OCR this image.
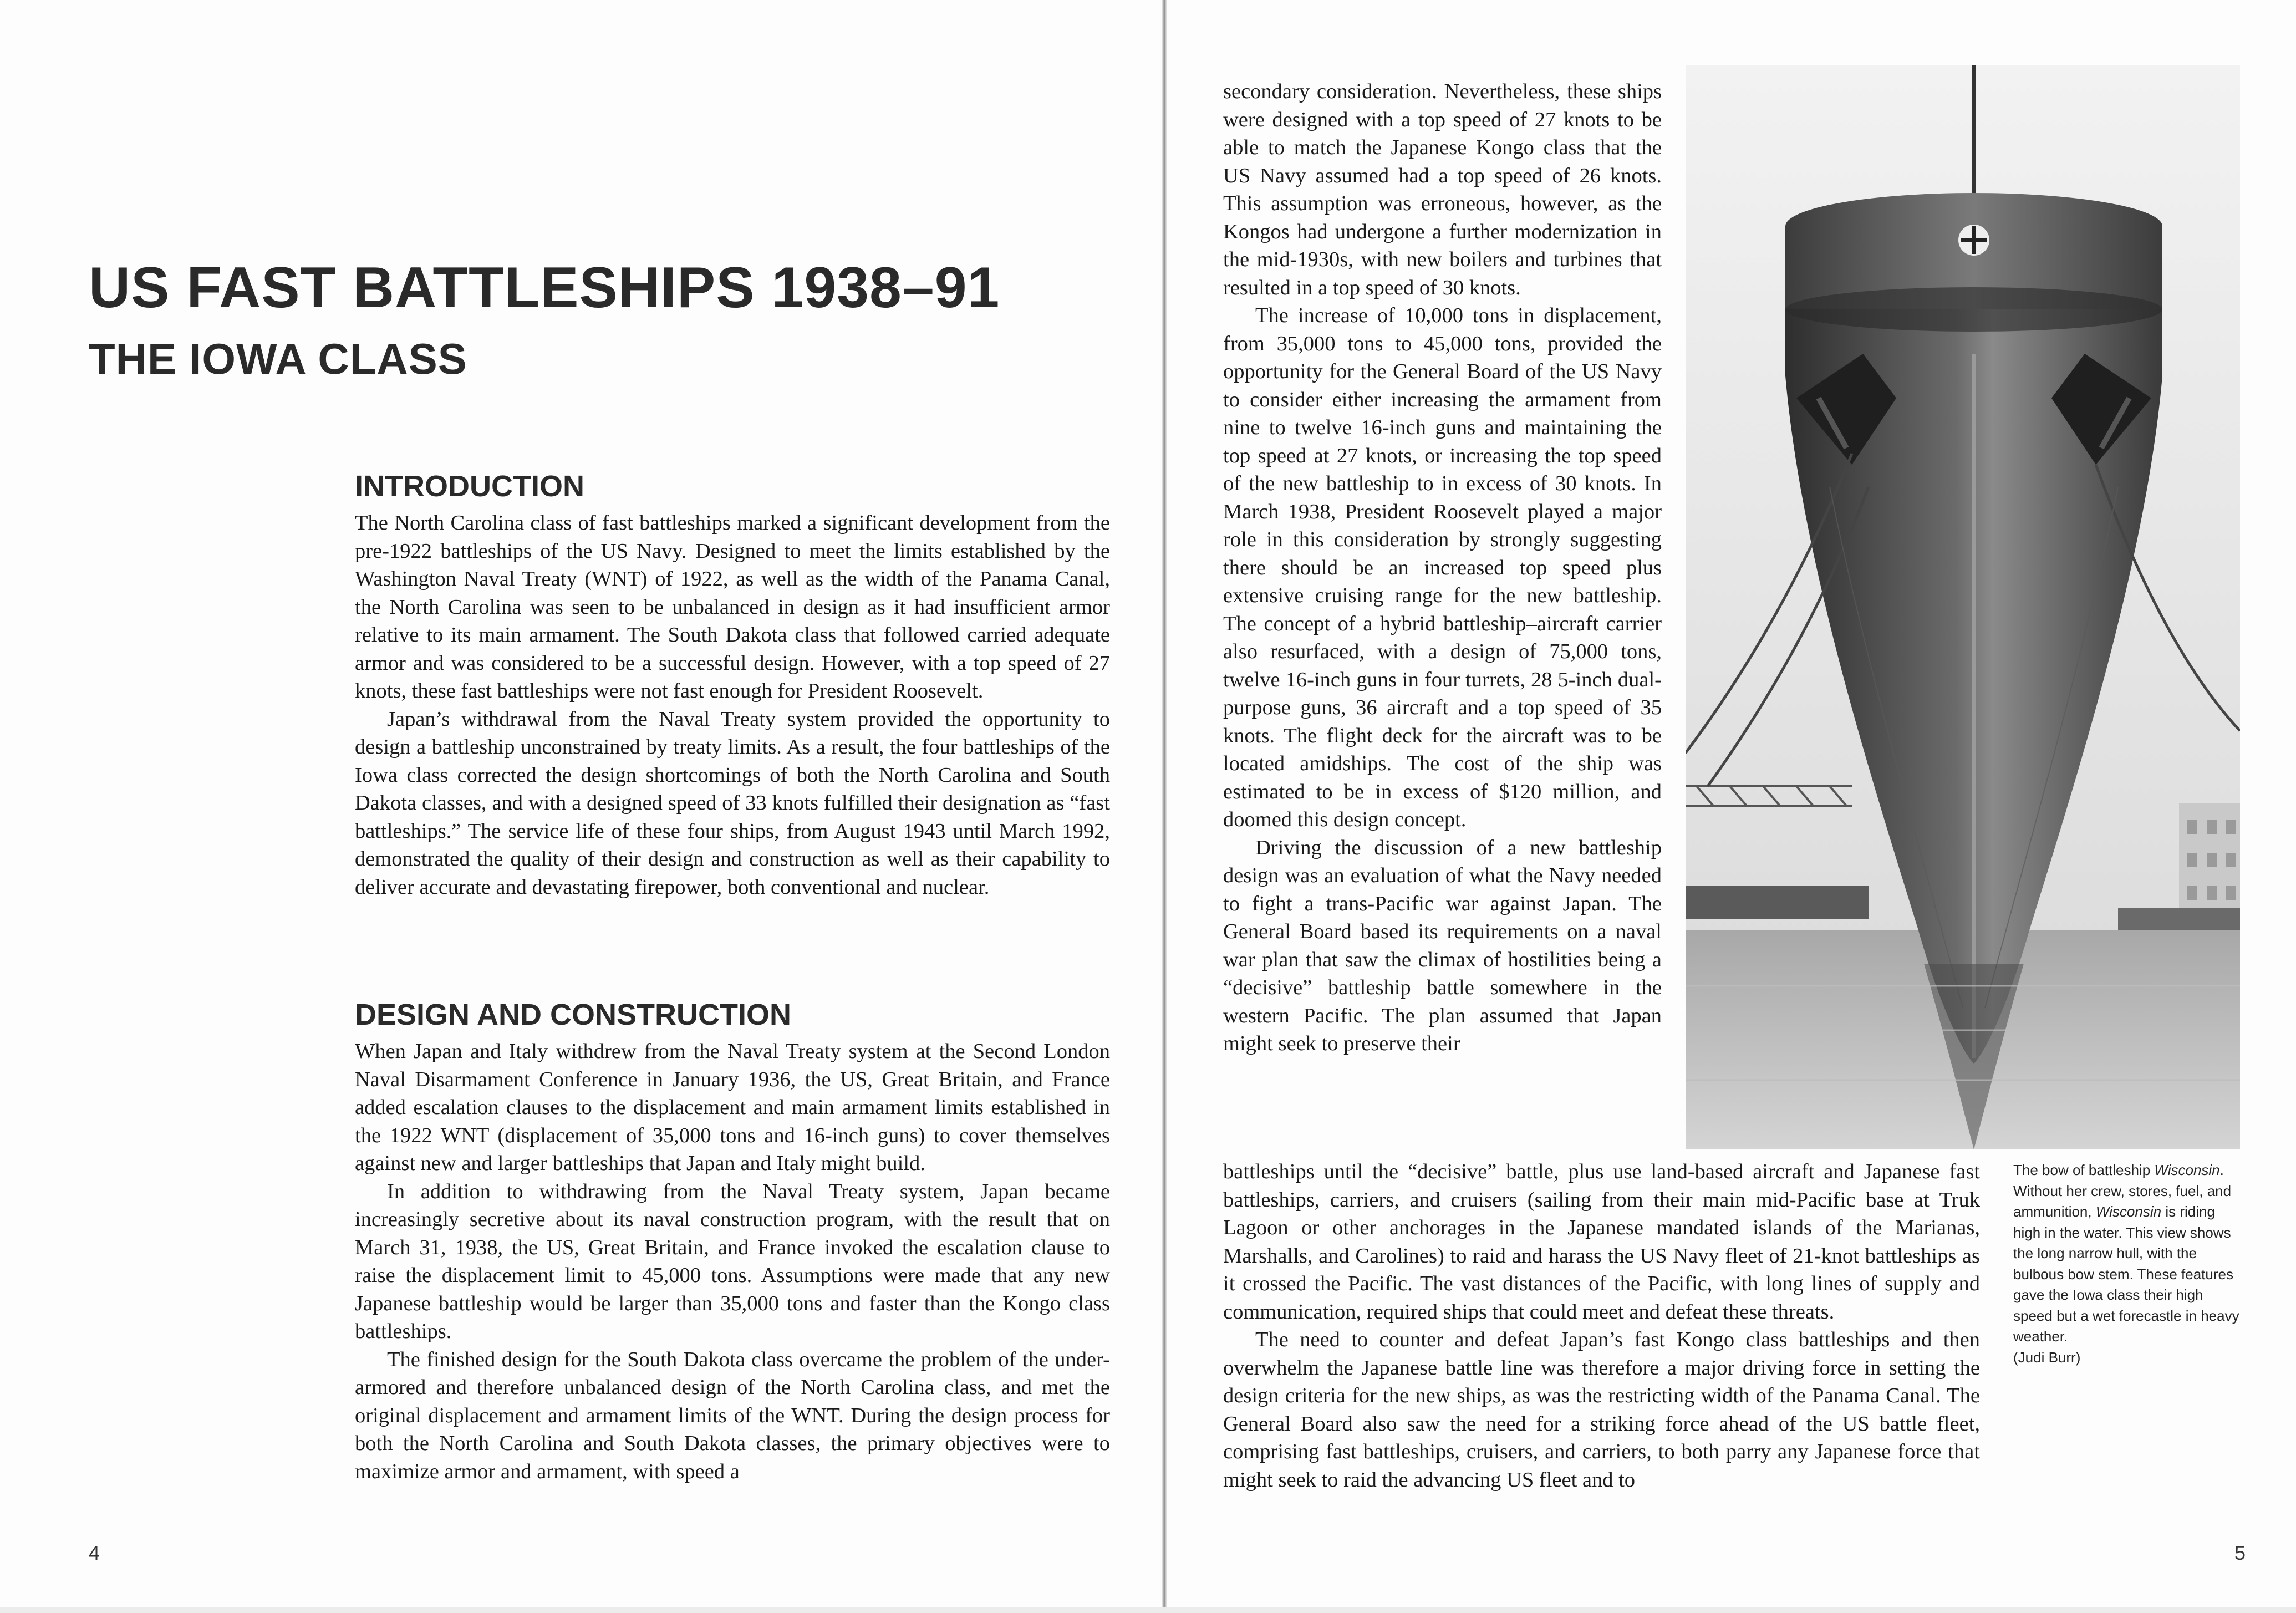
US FAST BATTLESHIPS 1938–91
THE IOWA CLASS
INTRODUCTION

The North Carolina class of fast battleships marked a significant development from the pre-1922 battleships of the US Navy. Designed to meet the limits established by the Washington Naval Treaty (WNT) of 1922, as well as the width of the Panama Canal, the North Carolina was seen to be unbalanced in design as it had insufficient armor relative to its main armament. The South Dakota class that followed carried adequate armor and was considered to be a successful design. However, with a top speed of 27 knots, these fast battleships were not fast enough for President Roosevelt.

Japan’s withdrawal from the Naval Treaty system provided the opportunity to design a battleship unconstrained by treaty limits. As a result, the four battleships of the Iowa class corrected the design shortcomings of both the North Carolina and South Dakota classes, and with a designed speed of 33 knots fulfilled their designation as “fast battleships.” The service life of these four ships, from August 1943 until March 1992, demonstrated the quality of their design and construction as well as their capability to deliver accurate and devastating firepower, both conventional and nuclear.

DESIGN AND CONSTRUCTION

When Japan and Italy withdrew from the Naval Treaty system at the Second London Naval Disarmament Conference in January 1936, the US, Great Britain, and France added escalation clauses to the displacement and main armament limits established in the 1922 WNT (displacement of 35,000 tons and 16-inch guns) to cover themselves against new and larger battleships that Japan and Italy might build.

In addition to withdrawing from the Naval Treaty system, Japan became increasingly secretive about its naval construction program, with the result that on March 31, 1938, the US, Great Britain, and France invoked the escalation clause to raise the displacement limit to 45,000 tons. Assumptions were made that any new Japanese battleship would be larger than 35,000 tons and faster than the Kongo class battleships.

The finished design for the South Dakota class overcame the problem of the under-armored and therefore unbalanced design of the North Carolina class, and met the original displacement and armament limits of the WNT. During the design process for both the North Carolina and South Dakota classes, the primary objectives were to maximize armor and armament, with speed a

4

secondary consideration. Nevertheless, these ships were designed with a top speed of 27 knots to be able to match the Japanese Kongo class that the US Navy assumed had a top speed of 26 knots. This assumption was erroneous, however, as the Kongos had undergone a further modernization in the mid-1930s, with new boilers and turbines that resulted in a top speed of 30 knots.

The increase of 10,000 tons in displacement, from 35,000 tons to 45,000 tons, provided the opportunity for the General Board of the US Navy to consider either increasing the armament from nine to twelve 16-inch guns and maintaining the top speed at 27 knots, or increasing the top speed of the new battleship to in excess of 30 knots. In March 1938, President Roosevelt played a major role in this consideration by strongly suggesting there should be an increased top speed plus extensive cruising range for the new battleship. The concept of a hybrid battleship–aircraft carrier also resurfaced, with a design of 75,000 tons, twelve 16-inch guns in four turrets, 28 5-inch dual-purpose guns, 36 aircraft and a top speed of 35 knots. The flight deck for the aircraft was to be located amidships. The cost of the ship was estimated to be in excess of $120 million, and doomed this design concept.

Driving the discussion of a new battleship design was an evaluation of what the Navy needed to fight a trans-Pacific war against Japan. The General Board based its requirements on a naval war plan that saw the climax of hostilities being a “decisive” battleship battle somewhere in the western Pacific. The plan assumed that Japan might seek to preserve their

battleships until the “decisive” battle, plus use land-based aircraft and Japanese fast battleships, carriers, and cruisers (sailing from their main mid-Pacific base at Truk Lagoon or other anchorages in the Japanese mandated islands of the Marianas, Marshalls, and Carolines) to raid and harass the US Navy fleet of 21-knot battleships as it crossed the Pacific. The vast distances of the Pacific, with long lines of supply and communication, required ships that could meet and defeat these threats.

The need to counter and defeat Japan’s fast Kongo class battleships and then overwhelm the Japanese battle line was therefore a major driving force in setting the design criteria for the new ships, as was the restricting width of the Panama Canal. The General Board also saw the need for a striking force ahead of the US battle fleet, comprising fast battleships, cruisers, and carriers, to both parry any Japanese force that might seek to raid the advancing US fleet and to

The bow of battleship Wisconsin. Without her crew, stores, fuel, and ammunition, Wisconsin is riding high in the water. This view shows the long narrow hull, with the bulbous bow stem. These features gave the Iowa class their high speed but a wet forecastle in heavy weather.
(Judi Burr)
5
